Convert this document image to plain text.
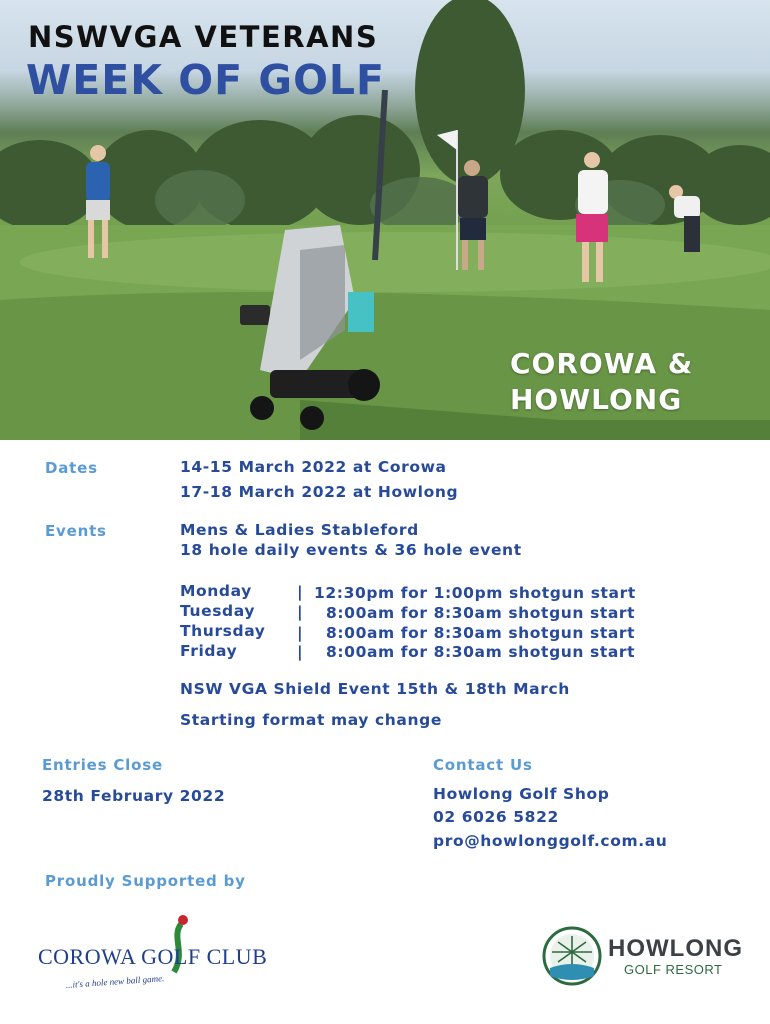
NSWVGA VETERANS
WEEK OF GOLF
COROWA &
HOWLONG
Dates	14-15 March 2022 at Corowa
17-18 March 2022 at Howlong
Events	Mens & Ladies Stableford
18 hole daily events & 36 hole event
Monday	| 12:30pm for 1:00pm shotgun start
Tuesday	| 8:00am for 8:30am shotgun start
Thursday | 8:00am for 8:30am shotgun start
Friday	| 8:00am for 8:30am shotgun start
NSW VGA Shield Event 15th & 18th March
Starting format may change
Entries Close
28th February 2022
Contact Us
Howlong Golf Shop
02 6026 5822
pro@howlonggolf.com.au
Proudly Supported by
COROWA GOLF CLUB
...it's a hole new ball game.
HOWLONG
GOLF RESORT
